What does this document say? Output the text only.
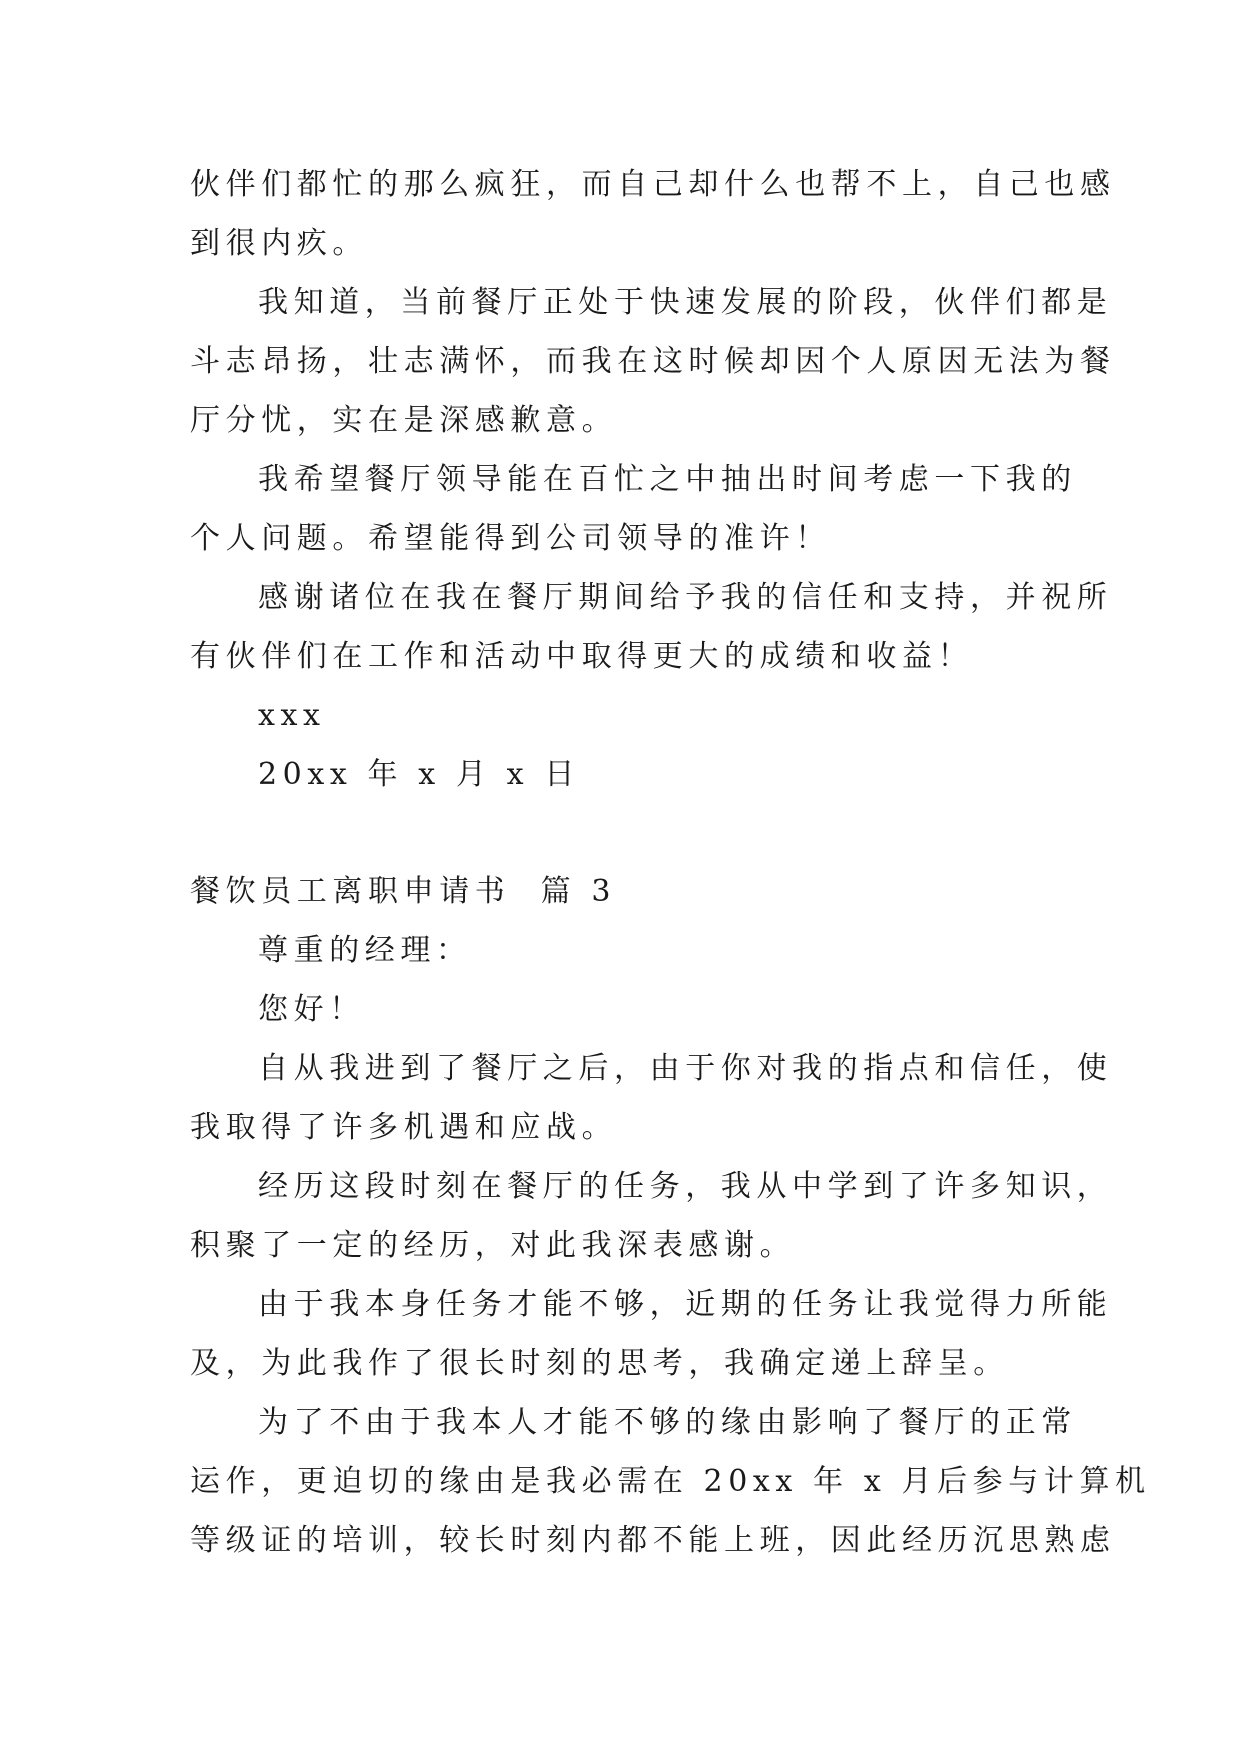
伙伴们都忙的那么疯狂，而自己却什么也帮不上，自己也感
到很内疚。
我知道，当前餐厅正处于快速发展的阶段，伙伴们都是
斗志昂扬，壮志满怀，而我在这时候却因个人原因无法为餐
厅分忧，实在是深感歉意。
我希望餐厅领导能在百忙之中抽出时间考虑一下我的
个人问题。希望能得到公司领导的准许！
感谢诸位在我在餐厅期间给予我的信任和支持，并祝所
有伙伴们在工作和活动中取得更大的成绩和收益！
xxx
20xx 年 x 月 x 日
餐饮员工离职申请书  篇 3
尊重的经理：
您好！
自从我进到了餐厅之后，由于你对我的指点和信任，使
我取得了许多机遇和应战。
经历这段时刻在餐厅的任务，我从中学到了许多知识，
积聚了一定的经历，对此我深表感谢。
由于我本身任务才能不够，近期的任务让我觉得力所能
及，为此我作了很长时刻的思考，我确定递上辞呈。
为了不由于我本人才能不够的缘由影响了餐厅的正常
运作，更迫切的缘由是我必需在 20xx 年 x 月后参与计算机
等级证的培训，较长时刻内都不能上班，因此经历沉思熟虑
